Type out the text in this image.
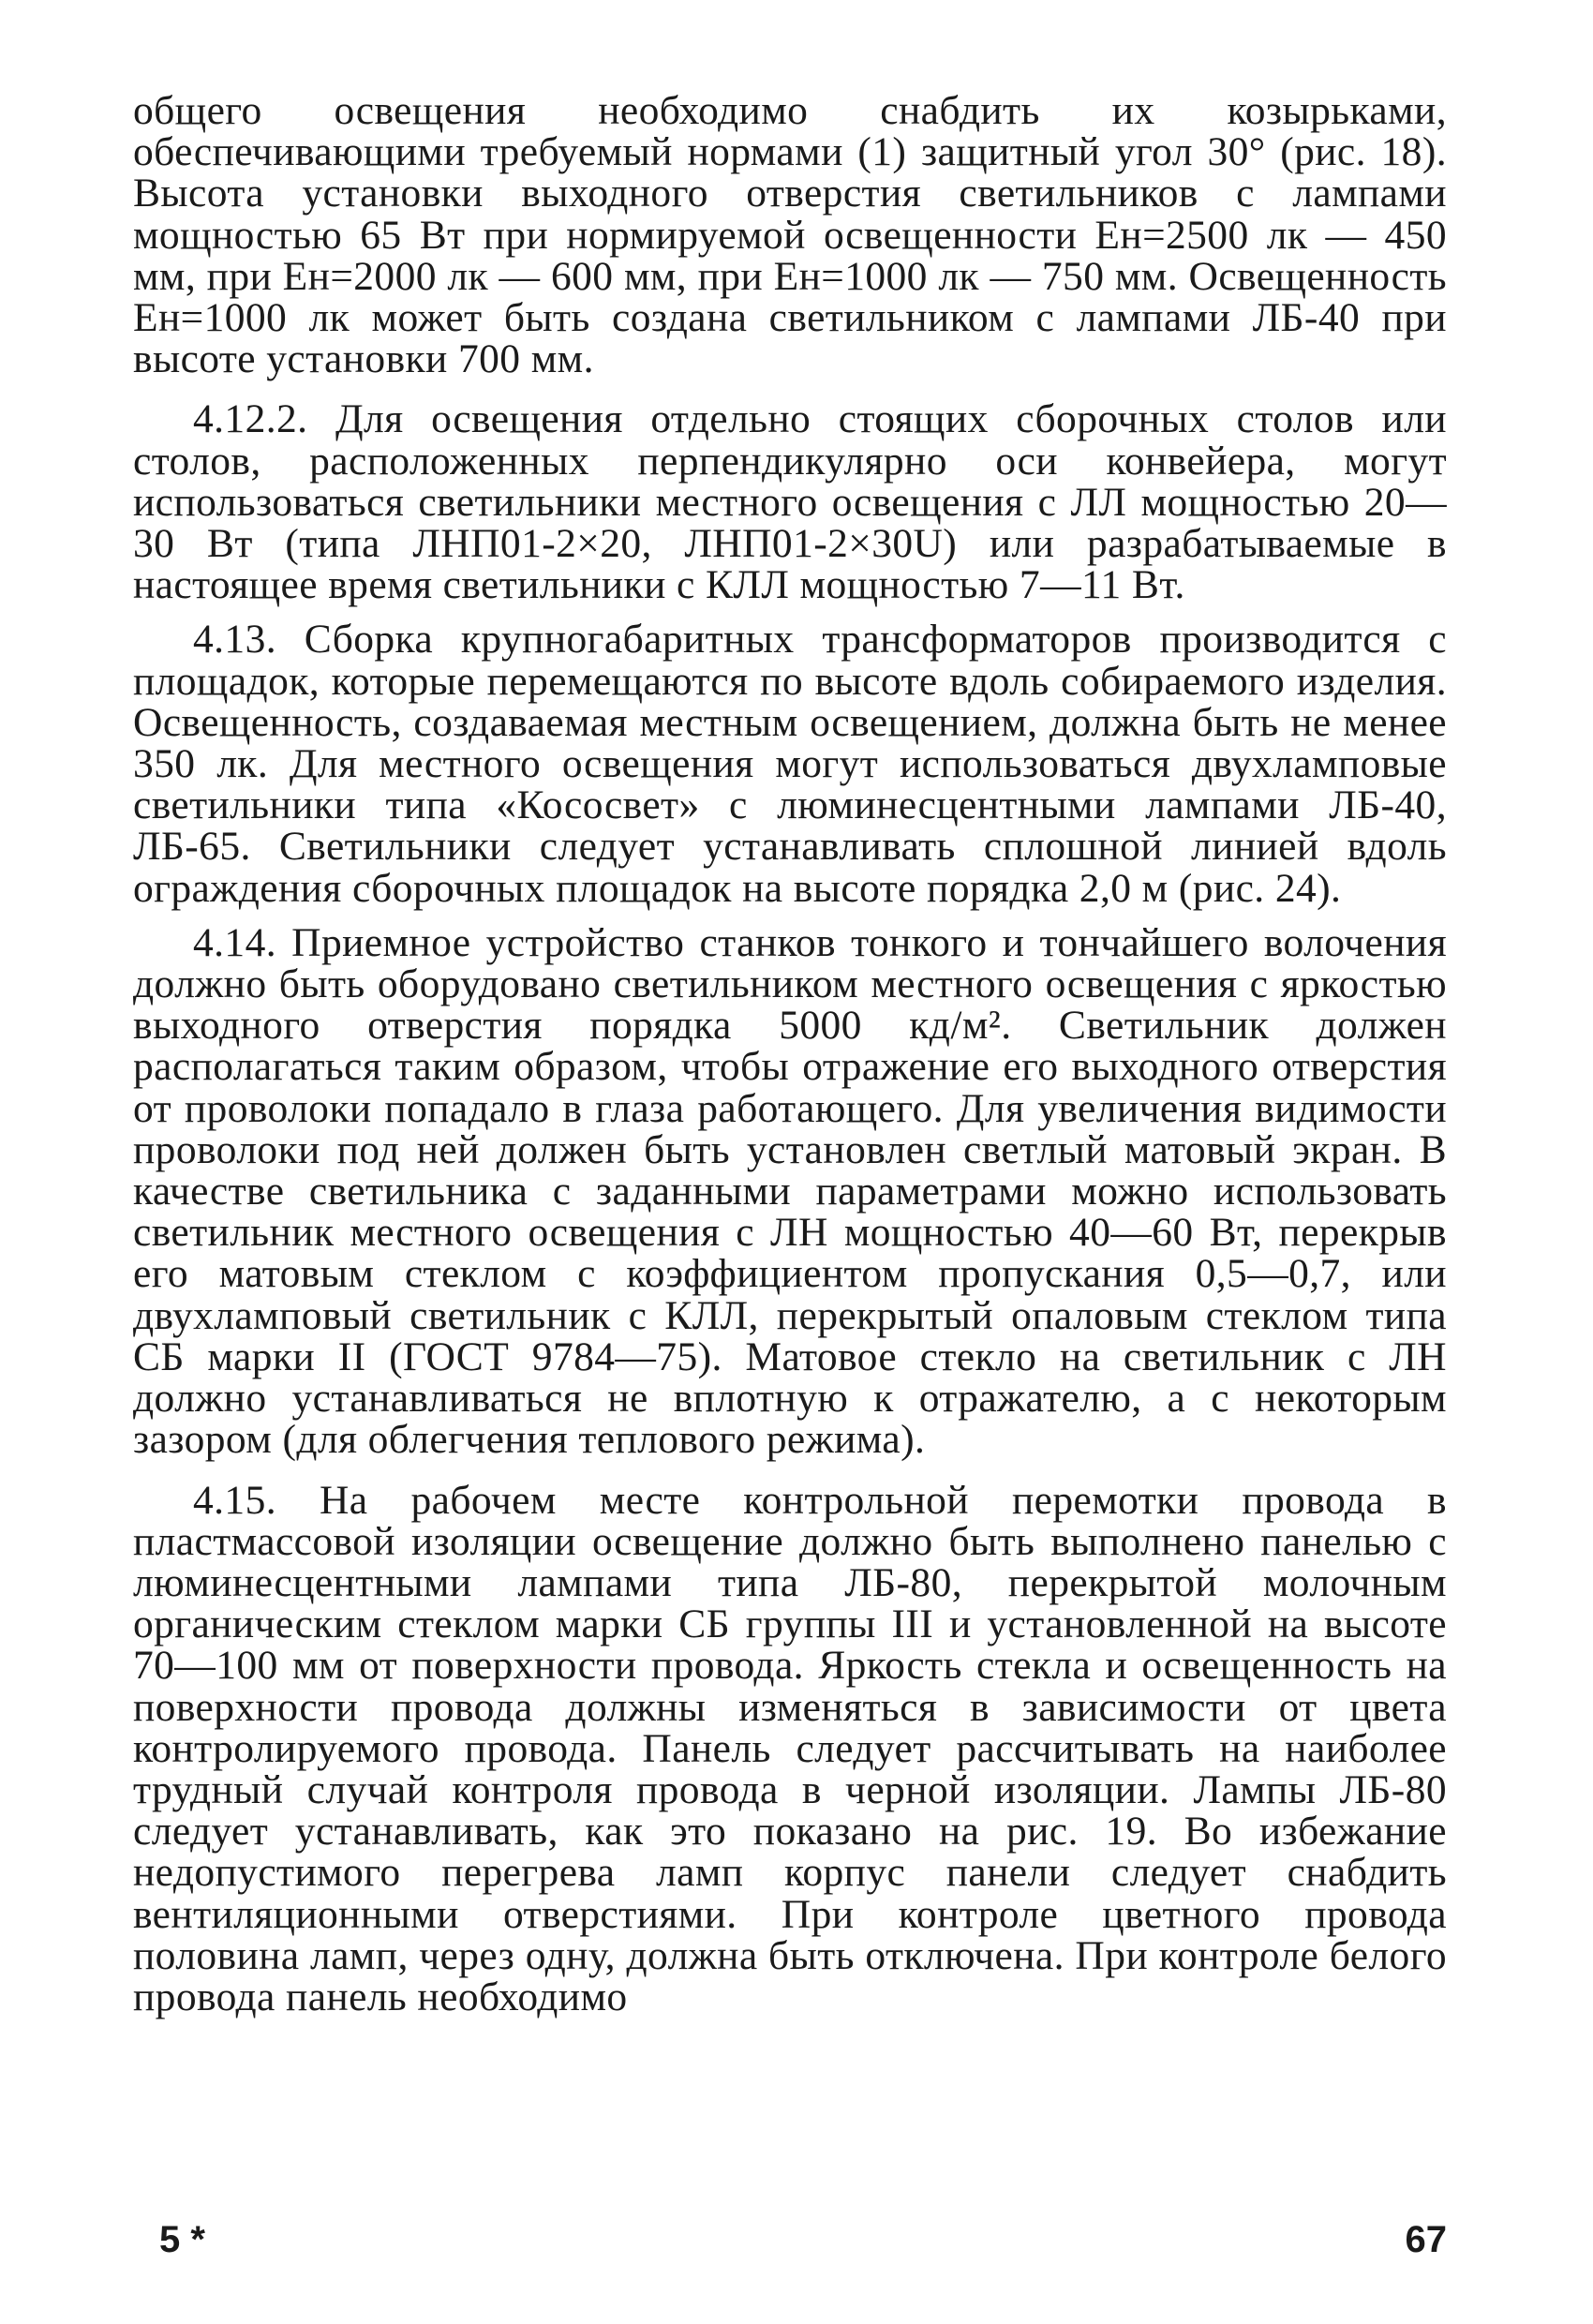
общего освещения необходимо снабдить их козырьками, обеспечивающими требуемый нормами (1) защитный угол 30° (рис. 18). Высота установки выходного отверстия светильников с лампами мощностью 65 Вт при нормируемой освещенности Eн=2500 лк — 450 мм, при Eн=2000 лк — 600 мм, при Eн=1000 лк — 750 мм. Освещенность Eн=1000 лк может быть создана светильником с лампами ЛБ-40 при высоте установки 700 мм.

4.12.2. Для освещения отдельно стоящих сборочных столов или столов, расположенных перпендикулярно оси конвейера, могут использоваться светильники местного освещения с ЛЛ мощностью 20—30 Вт (типа ЛНП01-2×20, ЛНП01-2×30U) или разрабатываемые в настоящее время светильники с КЛЛ мощностью 7—11 Вт.

4.13. Сборка крупногабаритных трансформаторов производится с площадок, которые перемещаются по высоте вдоль собираемого изделия. Освещенность, создаваемая местным освещением, должна быть не менее 350 лк. Для местного освещения могут использоваться двухламповые светильники типа «Кососвет» с люминесцентными лампами ЛБ-40, ЛБ-65. Светильники следует устанавливать сплошной линией вдоль ограждения сборочных площадок на высоте порядка 2,0 м (рис. 24).

4.14. Приемное устройство станков тонкого и тончайшего волочения должно быть оборудовано светильником местного освещения с яркостью выходного отверстия порядка 5000 кд/м². Светильник должен располагаться таким образом, чтобы отражение его выходного отверстия от проволоки попадало в глаза работающего. Для увеличения видимости проволоки под ней должен быть установлен светлый матовый экран. В качестве светильника с заданными параметрами можно использовать светильник местного освещения с ЛН мощностью 40—60 Вт, перекрыв его матовым стеклом с коэффициентом пропускания 0,5—0,7, или двухламповый светильник с КЛЛ, перекрытый опаловым стеклом типа СБ марки II (ГОСТ 9784—75). Матовое стекло на светильник с ЛН должно устанавливаться не вплотную к отражателю, а с некоторым зазором (для облегчения теплового режима).

4.15. На рабочем месте контрольной перемотки провода в пластмассовой изоляции освещение должно быть выполнено панелью с люминесцентными лампами типа ЛБ-80, перекрытой молочным органическим стеклом марки СБ группы III и установленной на высоте 70—100 мм от поверхности провода. Яркость стекла и освещенность на поверхности провода должны изменяться в зависимости от цвета контролируемого провода. Панель следует рассчитывать на наиболее трудный случай контроля провода в черной изоляции. Лампы ЛБ-80 следует устанавливать, как это показано на рис. 19. Во избежание недопустимого перегрева ламп корпус панели следует снабдить вентиляционными отверстиями. При контроле цветного провода половина ламп, через одну, должна быть отключена. При контроле белого провода панель необходимо

5 *	67
